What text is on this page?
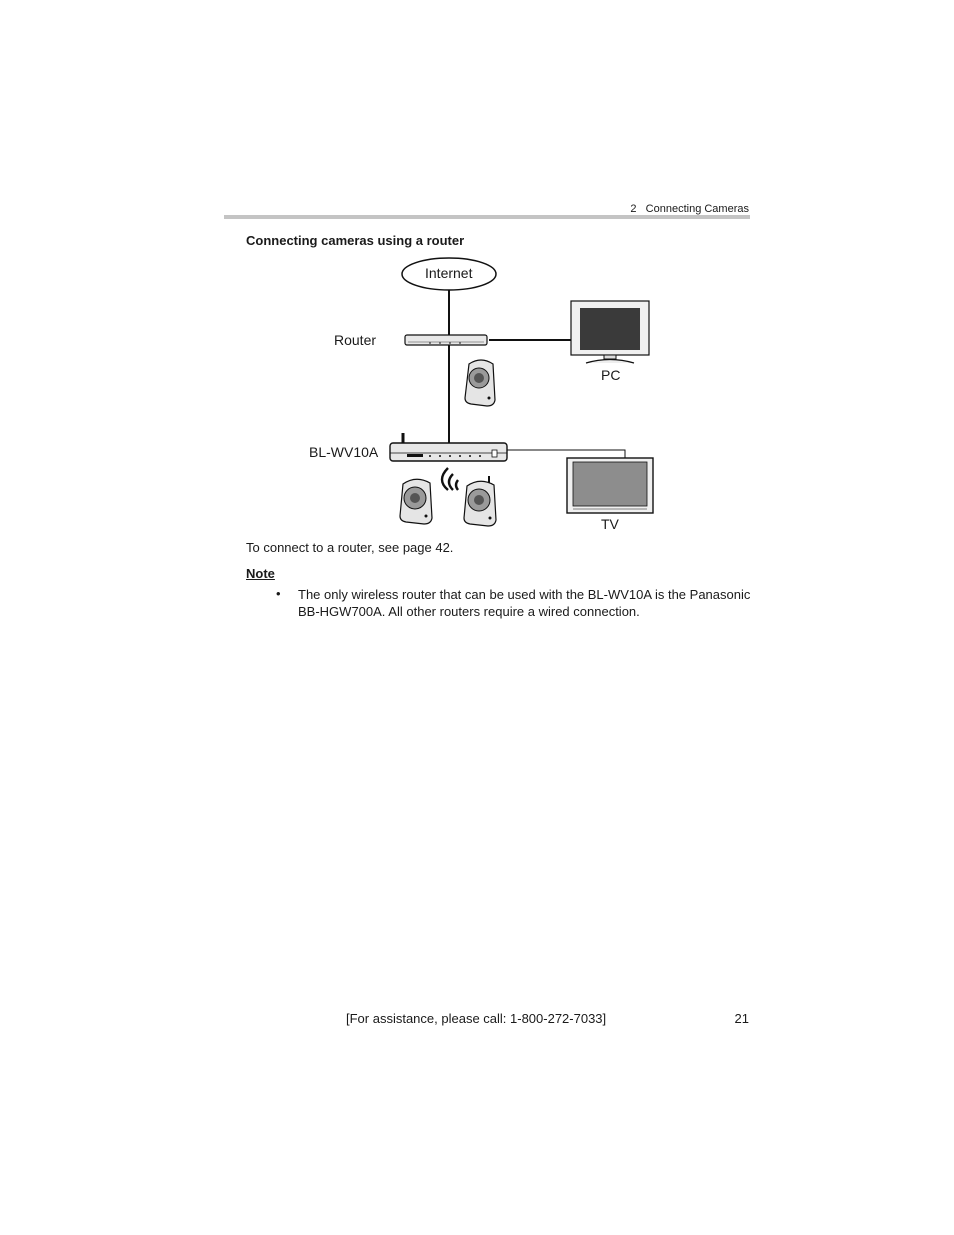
2 Connecting Cameras
Connecting cameras using a router
Internet
Router
PC
BL-WV10A
TV
To connect to a router, see page 42.
Note
• The only wireless router that can be used with the BL-WV10A is the Panasonic BB-HGW700A. All other routers require a wired connection.
[For assistance, please call: 1-800-272-7033]	21
